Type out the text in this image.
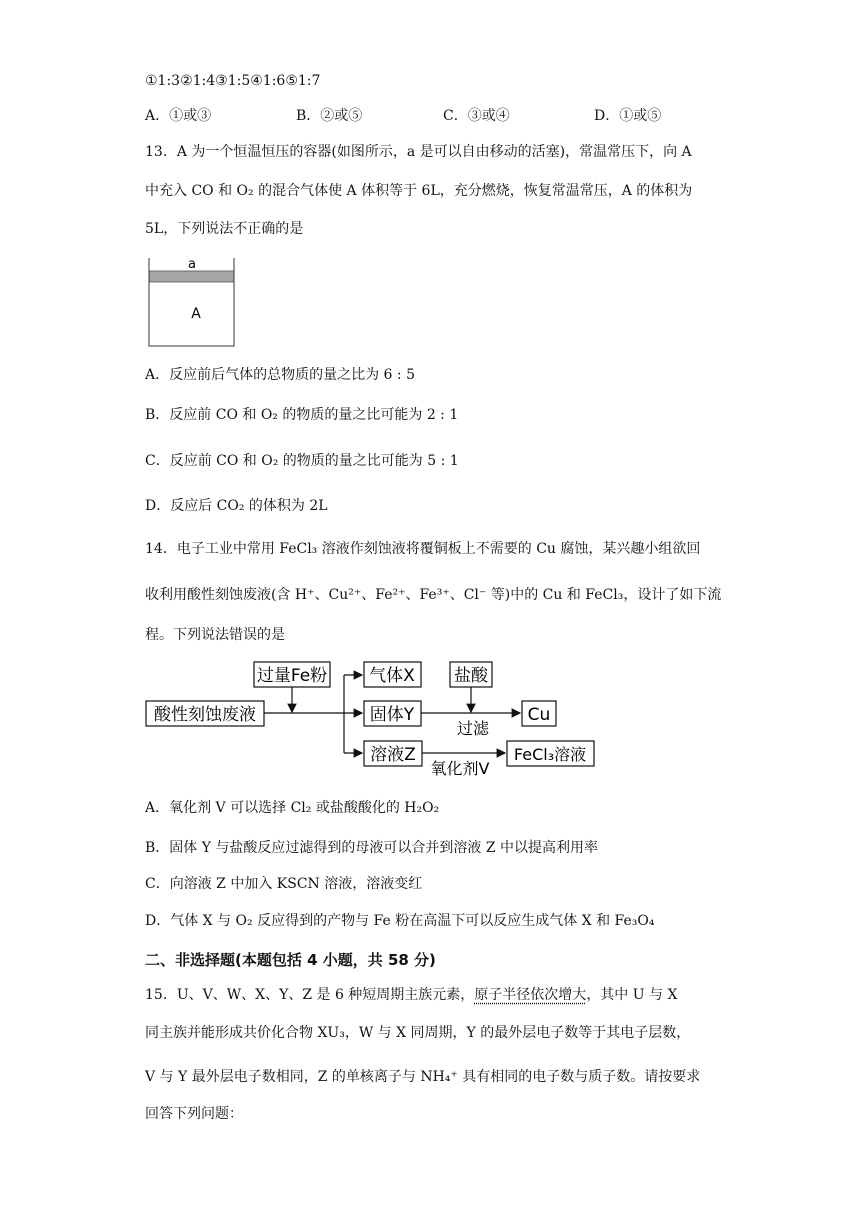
①1:3②1:4③1:5④1:6⑤1:7
A．①或③	B．②或⑤	C．③或④	D．①或⑤
13．A 为一个恒温恒压的容器(如图所示，a 是可以自由移动的活塞)，常温常压下，向 A
中充入 CO 和 O₂ 的混合气体使 A 体积等于 6L，充分燃烧，恢复常温常压，A 的体积为
5L，下列说法不正确的是
a
A
A．反应前后气体的总物质的量之比为 6 : 5
B．反应前 CO 和 O₂ 的物质的量之比可能为 2 : 1
C．反应前 CO 和 O₂ 的物质的量之比可能为 5 : 1
D．反应后 CO₂ 的体积为 2L
14．电子工业中常用 FeCl₃ 溶液作刻蚀液将覆铜板上不需要的 Cu 腐蚀，某兴趣小组欲回
收利用酸性刻蚀废液(含 H⁺、Cu²⁺、Fe²⁺、Fe³⁺、Cl⁻ 等)中的 Cu 和 FeCl₃，设计了如下流
程。下列说法错误的是
过量Fe粉
酸性刻蚀废液
气体X
固体Y
溶液Z
盐酸
Cu
FeCl₃溶液
过滤
氧化剂V
A．氧化剂 V 可以选择 Cl₂ 或盐酸酸化的 H₂O₂
B．固体 Y 与盐酸反应过滤得到的母液可以合并到溶液 Z 中以提高利用率
C．向溶液 Z 中加入 KSCN 溶液，溶液变红
D．气体 X 与 O₂ 反应得到的产物与 Fe 粉在高温下可以反应生成气体 X 和 Fe₃O₄
二、非选择题(本题包括 4 小题，共 58 分)
15．U、V、W、X、Y、Z 是 6 种短周期主族元素，原子半径依次增大，其中 U 与 X
同主族并能形成共价化合物 XU₃，W 与 X 同周期，Y 的最外层电子数等于其电子层数，
V 与 Y 最外层电子数相同，Z 的单核离子与 NH₄⁺ 具有相同的电子数与质子数。请按要求
回答下列问题：
